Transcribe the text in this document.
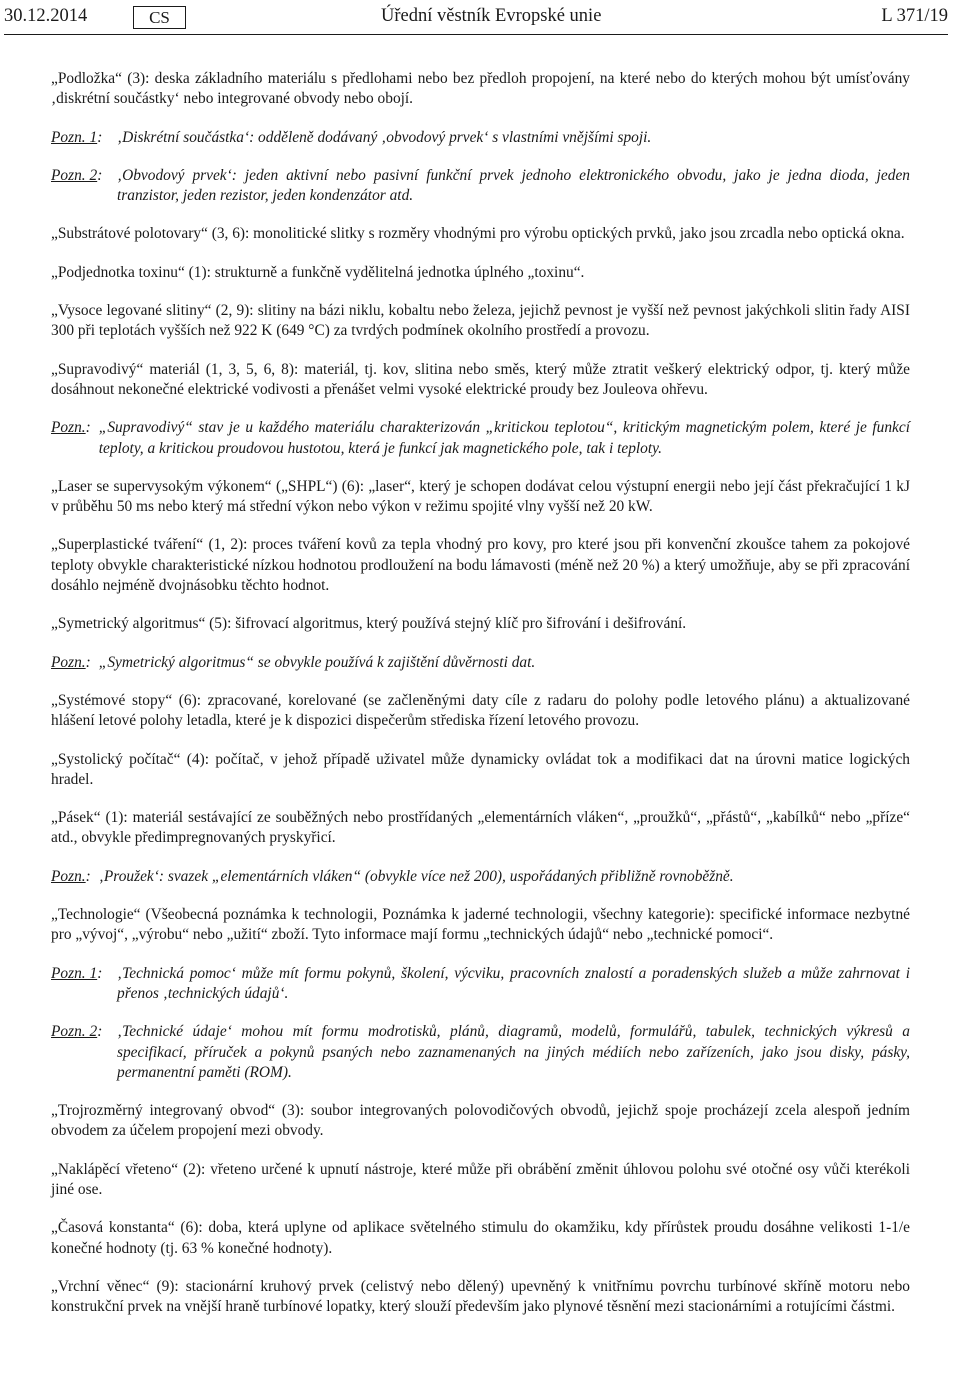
30.12.2014	CS	Úřední věstník Evropské unie	L 371/19

„Podložka“ (3): deska základního materiálu s předlohami nebo bez předloh propojení, na které nebo do kterých mohou být umísťovány ‚diskrétní součástky‘ nebo integrované obvody nebo obojí.

Pozn. 1: ‚Diskrétní součástka‘: odděleně dodávaný ‚obvodový prvek‘ s vlastními vnějšími spoji.
Pozn. 2: ‚Obvodový prvek‘: jeden aktivní nebo pasivní funkční prvek jednoho elektronického obvodu, jako je jedna dioda, jeden tranzistor, jeden rezistor, jeden kondenzátor atd.

„Substrátové polotovary“ (3, 6): monolitické slitky s rozměry vhodnými pro výrobu optických prvků, jako jsou zrcadla nebo optická okna.

„Podjednotka toxinu“ (1): strukturně a funkčně vydělitelná jednotka úplného „toxinu“.

„Vysoce legované slitiny“ (2, 9): slitiny na bázi niklu, kobaltu nebo železa, jejichž pevnost je vyšší než pevnost jakýchkoli slitin řady AISI 300 při teplotách vyšších než 922 K (649 °C) za tvrdých podmínek okolního prostředí a provozu.

„Supravodivý“ materiál (1, 3, 5, 6, 8): materiál, tj. kov, slitina nebo směs, který může ztratit veškerý elektrický odpor, tj. který může dosáhnout nekonečné elektrické vodivosti a přenášet velmi vysoké elektrické proudy bez Jouleova ohřevu.

Pozn.: „Supravodivý“ stav je u každého materiálu charakterizován „kritickou teplotou“, kritickým magnetickým polem, které je funkcí teploty, a kritickou proudovou hustotou, která je funkcí jak magnetického pole, tak i teploty.

„Laser se supervysokým výkonem“ („SHPL“) (6): „laser“, který je schopen dodávat celou výstupní energii nebo její část překračující 1 kJ v průběhu 50 ms nebo který má střední výkon nebo výkon v režimu spojité vlny vyšší než 20 kW.

„Superplastické tváření“ (1, 2): proces tváření kovů za tepla vhodný pro kovy, pro které jsou při konvenční zkoušce tahem za pokojové teploty obvykle charakteristické nízkou hodnotou prodloužení na bodu lámavosti (méně než 20 %) a který umožňuje, aby se při zpracování dosáhlo nejméně dvojnásobku těchto hodnot.

„Symetrický algoritmus“ (5): šifrovací algoritmus, který používá stejný klíč pro šifrování i dešifrování.

Pozn.: „Symetrický algoritmus“ se obvykle používá k zajištění důvěrnosti dat.

„Systémové stopy“ (6): zpracované, korelované (se začleněnými daty cíle z radaru do polohy podle letového plánu) a aktualizované hlášení letové polohy letadla, které je k dispozici dispečerům střediska řízení letového provozu.

„Systolický počítač“ (4): počítač, v jehož případě uživatel může dynamicky ovládat tok a modifikaci dat na úrovni matice logických hradel.

„Pásek“ (1): materiál sestávající ze souběžných nebo prostřídaných „elementárních vláken“, „proužků“, „přástů“, „kabílků“ nebo „příze“ atd., obvykle předimpregnovaných pryskyřicí.

Pozn.: ‚Proužek‘: svazek „elementárních vláken“ (obvykle více než 200), uspořádaných přibližně rovnoběžně.

„Technologie“ (Všeobecná poznámka k technologii, Poznámka k jaderné technologii, všechny kategorie): specifické informace nezbytné pro „vývoj“, „výrobu“ nebo „užití“ zboží. Tyto informace mají formu „technických údajů“ nebo „technické pomoci“.

Pozn. 1: ‚Technická pomoc‘ může mít formu pokynů, školení, výcviku, pracovních znalostí a poradenských služeb a může zahrnovat i přenos ‚technických údajů‘.
Pozn. 2: ‚Technické údaje‘ mohou mít formu modrotisků, plánů, diagramů, modelů, formulářů, tabulek, technických výkresů a specifikací, příruček a pokynů psaných nebo zaznamenaných na jiných médiích nebo zařízeních, jako jsou disky, pásky, permanentní paměti (ROM).

„Trojrozměrný integrovaný obvod“ (3): soubor integrovaných polovodičových obvodů, jejichž spoje procházejí zcela alespoň jedním obvodem za účelem propojení mezi obvody.

„Naklápěcí vřeteno“ (2): vřeteno určené k upnutí nástroje, které může při obrábění změnit úhlovou polohu své otočné osy vůči kterékoli jiné ose.

„Časová konstanta“ (6): doba, která uplyne od aplikace světelného stimulu do okamžiku, kdy přírůstek proudu dosáhne velikosti 1-1/e konečné hodnoty (tj. 63 % konečné hodnoty).

„Vrchní věnec“ (9): stacionární kruhový prvek (celistvý nebo dělený) upevněný k vnitřnímu povrchu turbínové skříně motoru nebo konstrukční prvek na vnější hraně turbínové lopatky, který slouží především jako plynové těsnění mezi stacionárními a rotujícími částmi.
